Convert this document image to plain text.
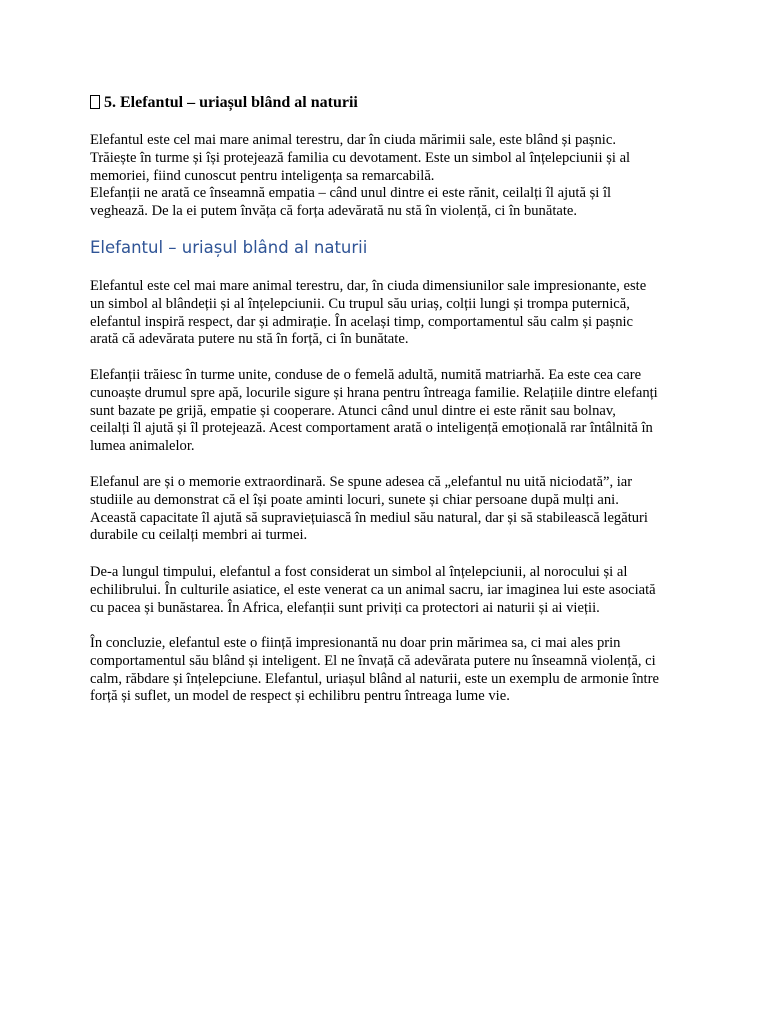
5. Elefantul – uriașul blând al naturii
Elefantul este cel mai mare animal terestru, dar în ciuda mărimii sale, este blând și pașnic.
Trăiește în turme și își protejează familia cu devotament. Este un simbol al înțelepciunii și al
memoriei, fiind cunoscut pentru inteligența sa remarcabilă.
Elefanții ne arată ce înseamnă empatia – când unul dintre ei este rănit, ceilalți îl ajută și îl
veghează. De la ei putem învăța că forța adevărată nu stă în violență, ci în bunătate.
Elefantul – uriașul blând al naturii
Elefantul este cel mai mare animal terestru, dar, în ciuda dimensiunilor sale impresionante, este
un simbol al blândeții și al înțelepciunii. Cu trupul său uriaș, colții lungi și trompa puternică,
elefantul inspiră respect, dar și admirație. În același timp, comportamentul său calm și pașnic
arată că adevărata putere nu stă în forță, ci în bunătate.
Elefanții trăiesc în turme unite, conduse de o femelă adultă, numită matriarhă. Ea este cea care
cunoaște drumul spre apă, locurile sigure și hrana pentru întreaga familie. Relațiile dintre elefanți
sunt bazate pe grijă, empatie și cooperare. Atunci când unul dintre ei este rănit sau bolnav,
ceilalți îl ajută și îl protejează. Acest comportament arată o inteligență emoțională rar întâlnită în
lumea animalelor.
Elefanul are și o memorie extraordinară. Se spune adesea că „elefantul nu uită niciodată”, iar
studiile au demonstrat că el își poate aminti locuri, sunete și chiar persoane după mulți ani.
Această capacitate îl ajută să supraviețuiască în mediul său natural, dar și să stabilească legături
durabile cu ceilalți membri ai turmei.
De-a lungul timpului, elefantul a fost considerat un simbol al înțelepciunii, al norocului și al
echilibrului. În culturile asiatice, el este venerat ca un animal sacru, iar imaginea lui este asociată
cu pacea și bunăstarea. În Africa, elefanții sunt priviți ca protectori ai naturii și ai vieții.
În concluzie, elefantul este o ființă impresionantă nu doar prin mărimea sa, ci mai ales prin
comportamentul său blând și inteligent. El ne învață că adevărata putere nu înseamnă violență, ci
calm, răbdare și înțelepciune. Elefantul, uriașul blând al naturii, este un exemplu de armonie între
forță și suflet, un model de respect și echilibru pentru întreaga lume vie.
